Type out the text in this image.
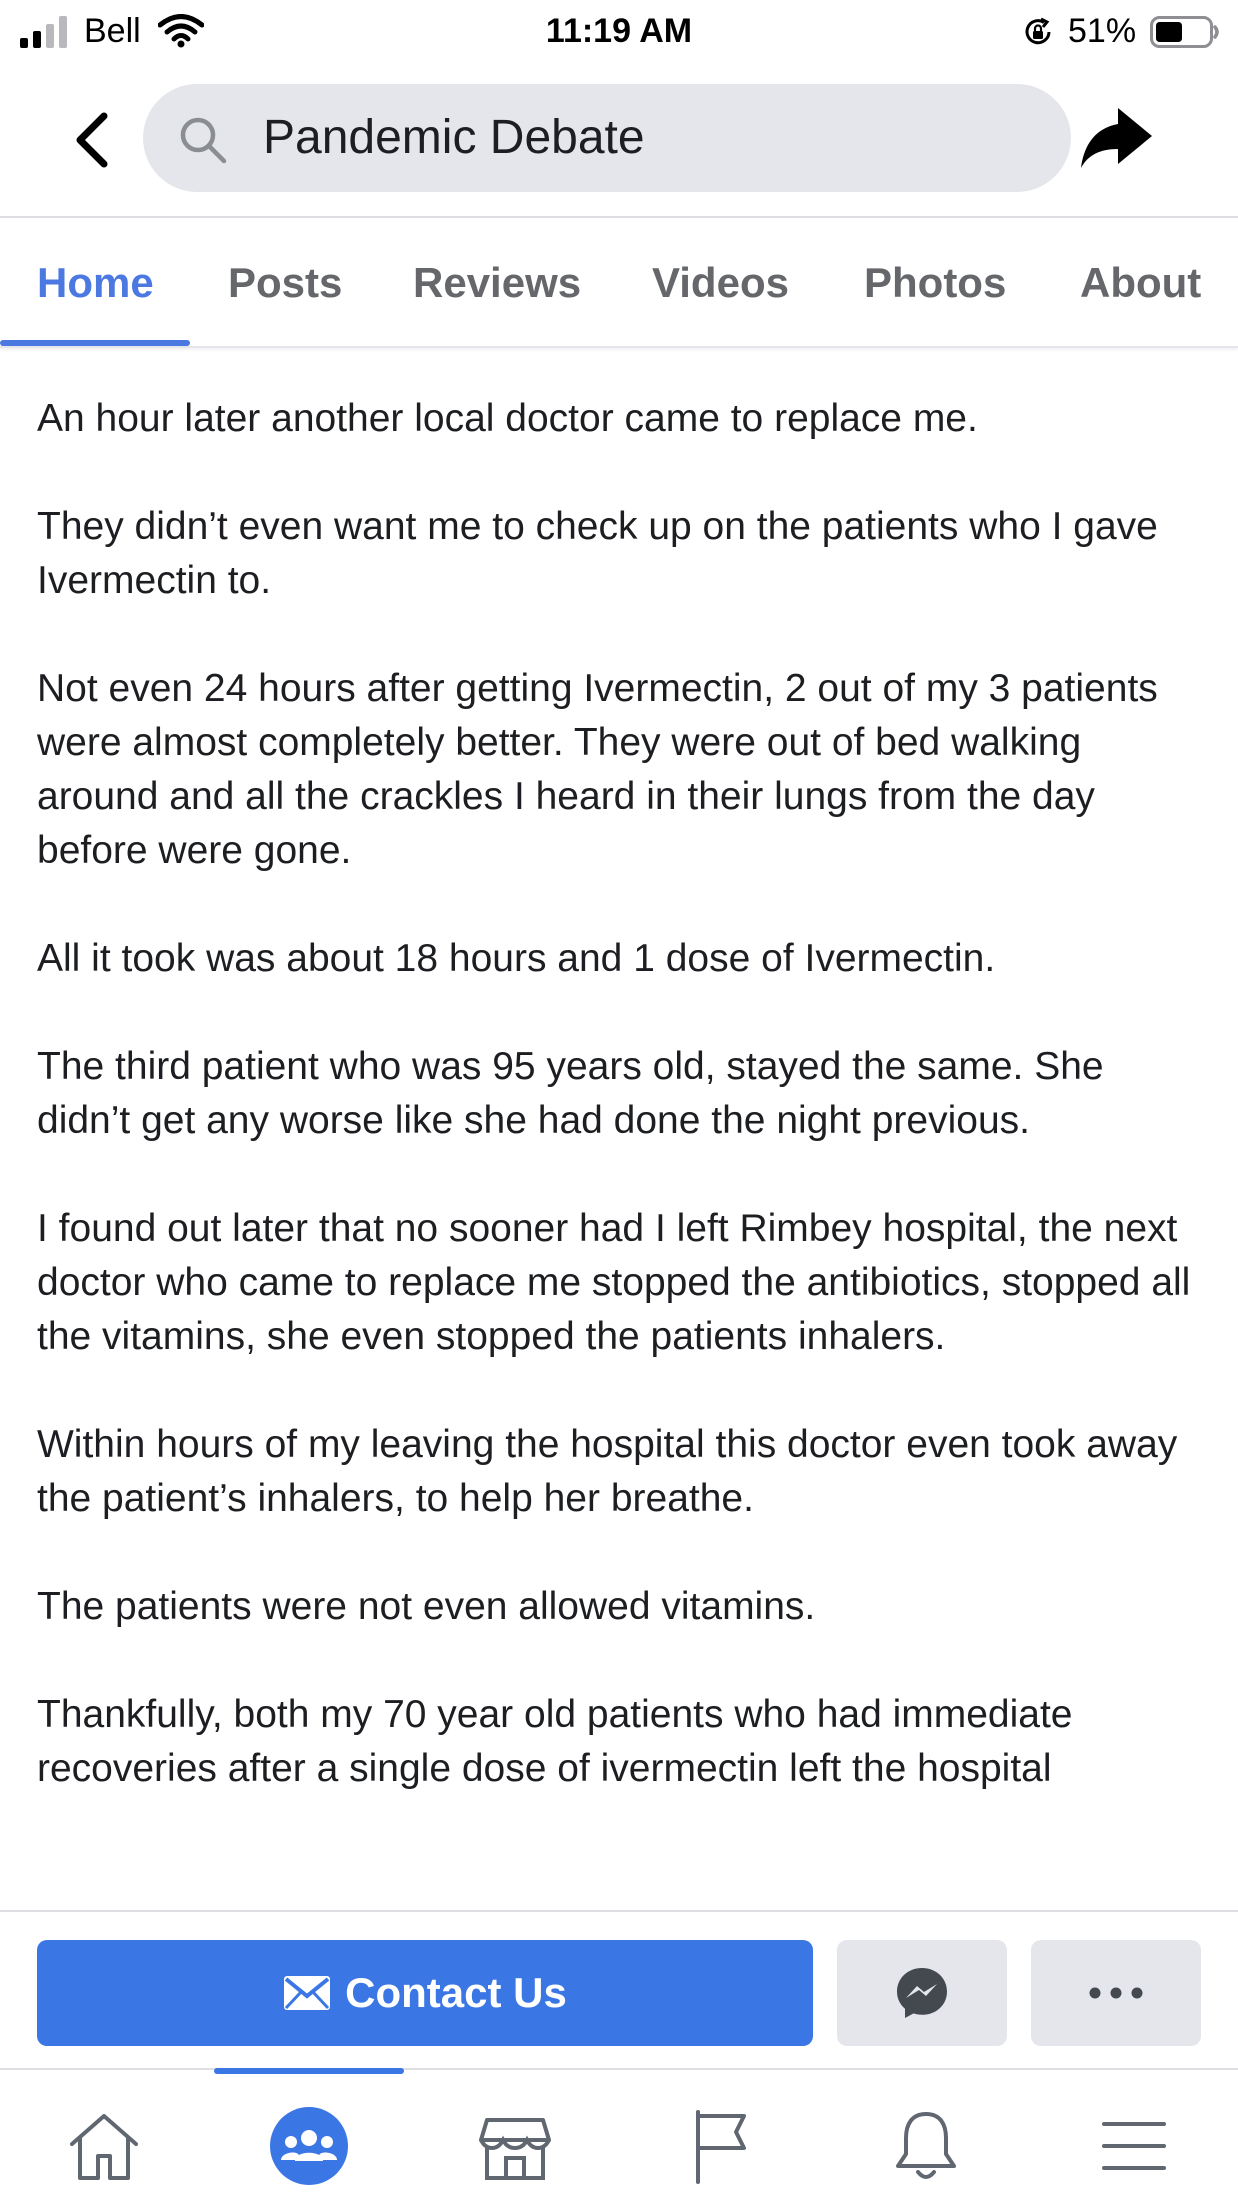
Bell	11:19 AM	51%
Pandemic Debate
Home Posts Reviews Videos Photos About

An hour later another local doctor came to replace me.

They didn’t even want me to check up on the patients who I gave Ivermectin to.

Not even 24 hours after getting Ivermectin, 2 out of my 3 patients were almost completely better. They were out of bed walking around and all the crackles I heard in their lungs from the day before were gone.

All it took was about 18 hours and 1 dose of Ivermectin.

The third patient who was 95 years old, stayed the same. She didn’t get any worse like she had done the night previous.

I found out later that no sooner had I left Rimbey hospital, the next doctor who came to replace me stopped the antibiotics, stopped all the vitamins, she even stopped the patients inhalers.

Within hours of my leaving the hospital this doctor even took away the patient’s inhalers, to help her breathe.

The patients were not even allowed vitamins.

Thankfully, both my 70 year old patients who had immediate recoveries after a single dose of ivermectin left the hospital

Contact Us
